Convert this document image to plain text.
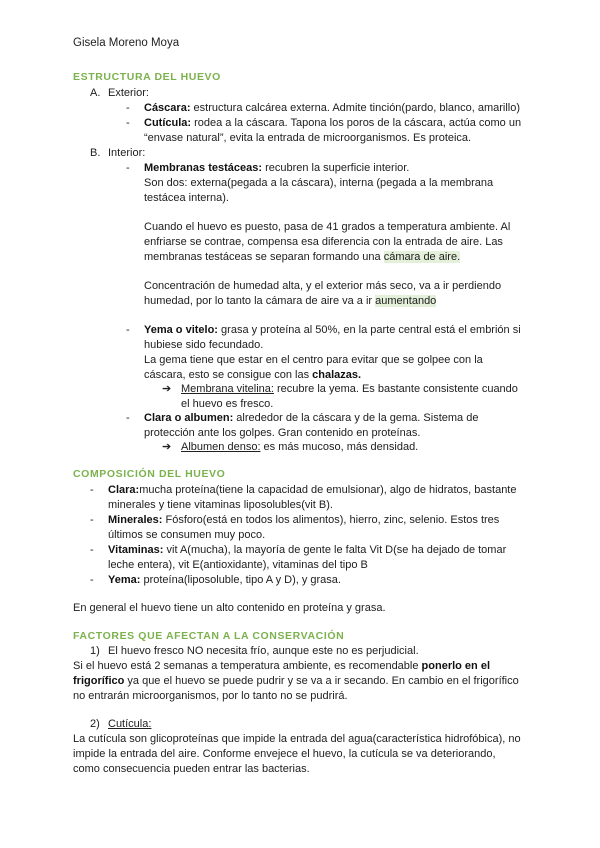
Gisela Moreno Moya
ESTRUCTURA DEL HUEVO
A. Exterior:
- Cáscara: estructura calcárea externa. Admite tinción(pardo, blanco, amarillo)
- Cutícula: rodea a la cáscara. Tapona los poros de la cáscara, actúa como un
“envase natural”, evita la entrada de microorganismos. Es proteica.
B. Interior:
- Membranas testáceas: recubren la superficie interior.
Son dos: externa(pegada a la cáscara), interna (pegada a la membrana
testácea interna).
Cuando el huevo es puesto, pasa de 41 grados a temperatura ambiente. Al
enfriarse se contrae, compensa esa diferencia con la entrada de aire. Las
membranas testáceas se separan formando una cámara de aire.
Concentración de humedad alta, y el exterior más seco, va a ir perdiendo
humedad, por lo tanto la cámara de aire va a ir aumentando
- Yema o vitelo: grasa y proteína al 50%, en la parte central está el embrión si
hubiese sido fecundado.
La gema tiene que estar en el centro para evitar que se golpee con la
cáscara, esto se consigue con las chalazas.
➔ Membrana vitelina: recubre la yema. Es bastante consistente cuando
el huevo es fresco.
- Clara o albumen: alrededor de la cáscara y de la gema. Sistema de
protección ante los golpes. Gran contenido en proteínas.
➔ Albumen denso: es más mucoso, más densidad.
COMPOSICIÓN DEL HUEVO
- Clara:mucha proteína(tiene la capacidad de emulsionar), algo de hidratos, bastante
minerales y tiene vitaminas liposolubles(vit B).
- Minerales: Fósforo(está en todos los alimentos), hierro, zinc, selenio. Estos tres
últimos se consumen muy poco.
- Vitaminas: vit A(mucha), la mayoría de gente le falta Vit D(se ha dejado de tomar
leche entera), vit E(antioxidante), vitaminas del tipo B
- Yema: proteína(liposoluble, tipo A y D), y grasa.
En general el huevo tiene un alto contenido en proteína y grasa.
FACTORES QUE AFECTAN A LA CONSERVACIÓN
1) El huevo fresco NO necesita frío, aunque este no es perjudicial.
Si el huevo está 2 semanas a temperatura ambiente, es recomendable ponerlo en el
frigorífico ya que el huevo se puede pudrir y se va a ir secando. En cambio en el frigorífico
no entrarán microorganismos, por lo tanto no se pudrirá.
2) Cutícula:
La cutícula son glicoproteínas que impide la entrada del agua(característica hidrofóbica), no
impide la entrada del aire. Conforme envejece el huevo, la cutícula se va deteriorando,
como consecuencia pueden entrar las bacterias.
